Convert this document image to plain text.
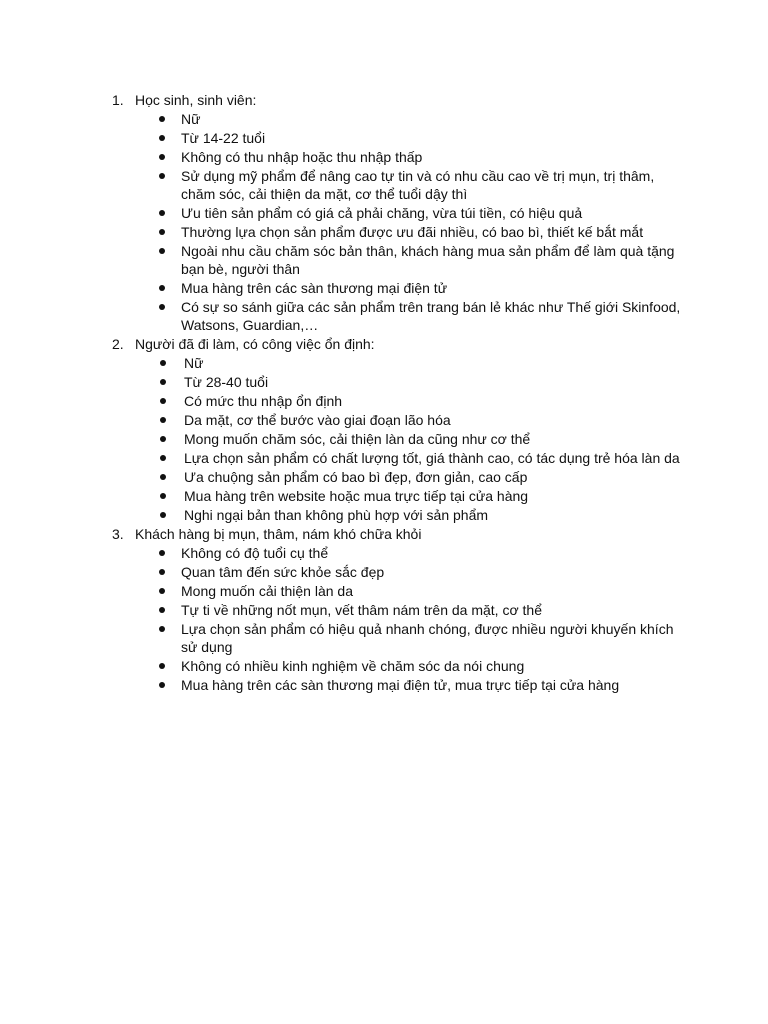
1. Học sinh, sinh viên:
Nữ
Từ 14-22 tuổi
Không có thu nhập hoặc thu nhập thấp
Sử dụng mỹ phẩm để nâng cao tự tin và có nhu cầu cao về trị mụn, trị thâm, chăm sóc, cải thiện da mặt, cơ thể tuổi dậy thì
Ưu tiên sản phẩm có giá cả phải chăng, vừa túi tiền, có hiệu quả
Thường lựa chọn sản phẩm được ưu đãi nhiều, có bao bì, thiết kế bắt mắt
Ngoài nhu cầu chăm sóc bản thân, khách hàng mua sản phẩm để làm quà tặng bạn bè, người thân
Mua hàng trên các sàn thương mại điện tử
Có sự so sánh giữa các sản phẩm trên trang bán lẻ khác như Thế giới Skinfood, Watsons, Guardian,…
2. Người đã đi làm, có công việc ổn định:
Nữ
Từ 28-40 tuổi
Có mức thu nhập ổn định
Da mặt, cơ thể bước vào giai đoạn lão hóa
Mong muốn chăm sóc, cải thiện làn da cũng như cơ thể
Lựa chọn sản phẩm có chất lượng tốt, giá thành cao, có tác dụng trẻ hóa làn da
Ưa chuộng sản phẩm có bao bì đẹp, đơn giản, cao cấp
Mua hàng trên website hoặc mua trực tiếp tại cửa hàng
Nghi ngại bản than không phù hợp với sản phẩm
3. Khách hàng bị mụn, thâm, nám khó chữa khỏi
Không có độ tuổi cụ thể
Quan tâm đến sức khỏe sắc đẹp
Mong muốn cải thiện làn da
Tự ti về những nốt mụn, vết thâm nám trên da mặt, cơ thể
Lựa chọn sản phẩm có hiệu quả nhanh chóng, được nhiều người khuyến khích sử dụng
Không có nhiều kinh nghiệm về chăm sóc da nói chung
Mua hàng trên các sàn thương mại điện tử, mua trực tiếp tại cửa hàng
